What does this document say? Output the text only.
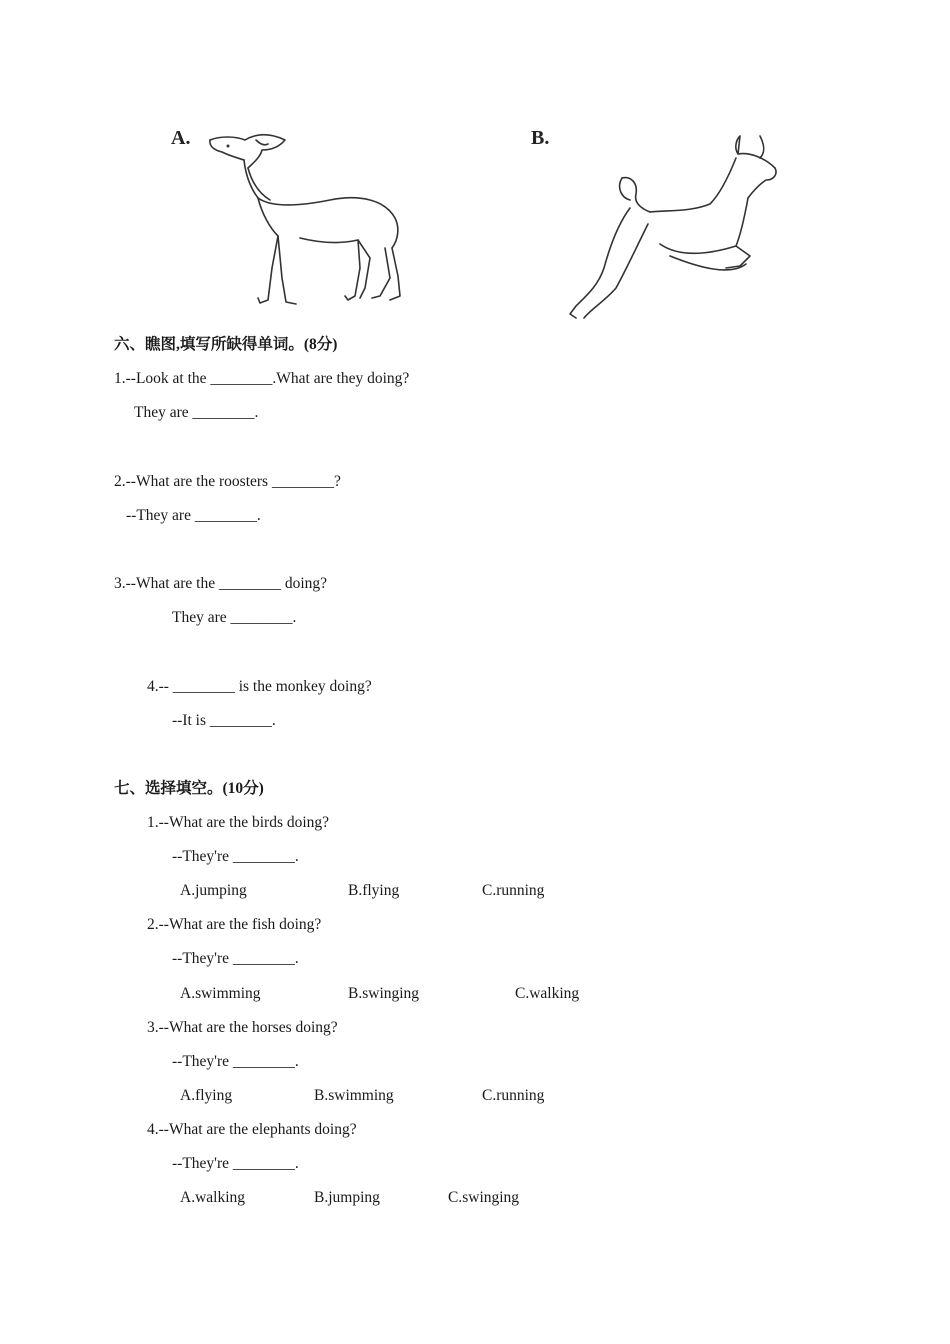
A.	B.
六、瞧图,填写所缺得单词。(8分)
1.--Look at the ________.What are they doing?
They are ________.
2.--What are the roosters ________?
--They are ________.
3.--What are the ________ doing?
They are ________.
4.-- ________ is the monkey doing?
--It is ________.
七、选择填空。(10分)
1.--What are the birds doing?
--They're ________.
A.jumping	B.flying	C.running
2.--What are the fish doing?
--They're ________.
A.swimming	B.swinging	C.walking
3.--What are the horses doing?
--They're ________.
A.flying	B.swimming	C.running
4.--What are the elephants doing?
--They're ________.
A.walking	B.jumping	C.swinging
